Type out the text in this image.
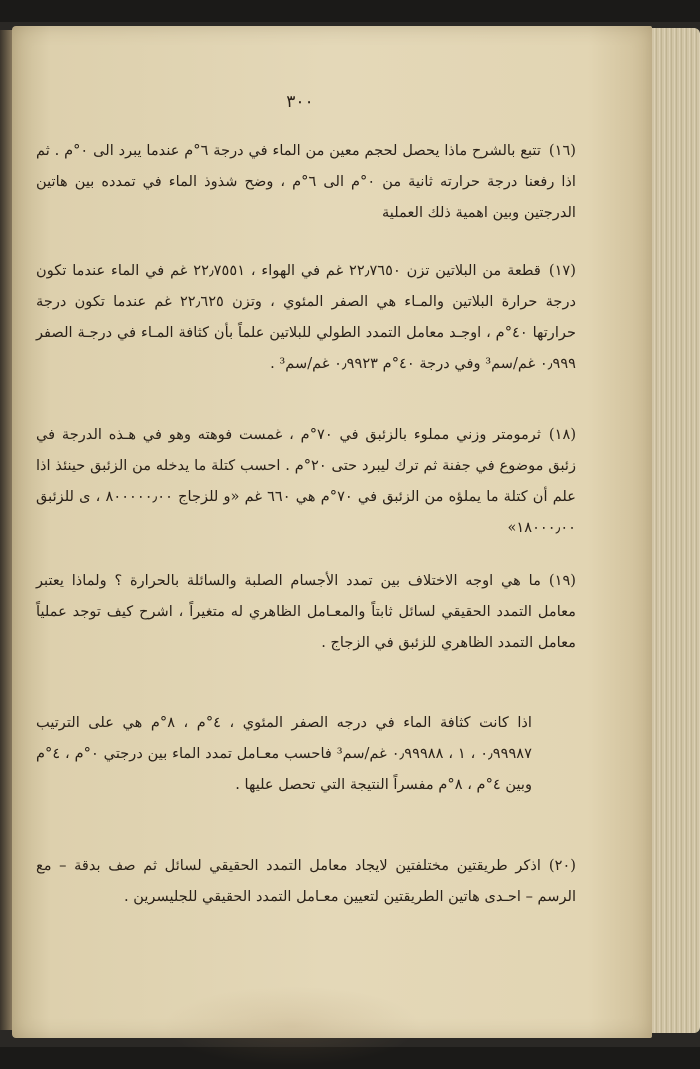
٣٠٠

(١٦)تتبع بالشرح ماذا يحصل لحجم معين من الماء في درجة ٦°م عندما يبرد الى ٠°م . ثم اذا رفعنا درجة حرارته ثانية من ٠°م الى ٦°م ، وضح شذوذ الماء في تمدده بين هاتين الدرجتين وبين اهمية ذلك العملية

(١٧)قطعة من البلاتين تزن ٢٢٫٧٦٥٠ غم في الهواء ، ٢٢٫٧٥٥١ غم في الماء عندما تكون درجة حرارة البلاتين والمـاء هي الصفر المئوي ، وتزن ٢٢٫٦٢٥ غم عندما تكون درجة حرارتها ٤٠°م ، اوجـد معامل التمدد الطولي للبلاتين علماً بأن كثافة المـاء في درجـة الصفر ٠٫٩٩٩ غم/سم³ وفي درجة ٤٠°م ٠٫٩٩٢٣ غم/سم³ .

(١٨)ثرمومتر وزني مملوء بالزئبق في ٧٠°م ، غمست فوهته وهو في هـذه الدرجة في زئبق موضوع في جفنة ثم ترك ليبرد حتى ٢٠°م . احسب كتلة ما يدخله من الزئبق حينئذ اذا علم أن كتلة ما يملؤه من الزئبق في ٧٠°م هي ٦٦٠ غم «و للزجاج ٨٠٠٠٠٠٫٠٠ ، ى للزئبق ١٨٠٠٠٫٠٠»

(١٩)ما هي اوجه الاختلاف بين تمدد الأجسام الصلبة والسائلة بالحرارة ؟ ولماذا يعتبر معامل التمدد الحقيقي لسائل ثابتاً والمعـامل الظاهري له متغيراً ، اشرح كيف توجد عملياً معامل التمدد الظاهري للزئبق في الزجاج .

اذا كانت كثافة الماء في درجه الصفر المئوي ، ٤°م ، ٨°م هي على الترتيب ٠٫٩٩٩٨٧ ، ١ ، ٠٫٩٩٩٨٨ غم/سم³ فاحسب معـامل تمدد الماء بين درجتي ٠°م ، ٤°م وبين ٤°م ، ٨°م مفسراً النتيجة التي تحصل عليها .

(٢٠)اذكر طريقتين مختلفتين لايجاد معامل التمدد الحقيقي لسائل ثم صف بدقة – مع الرسم – احـدى هاتين الطريقتين لتعيين معـامل التمدد الحقيقي للجليسرين .
